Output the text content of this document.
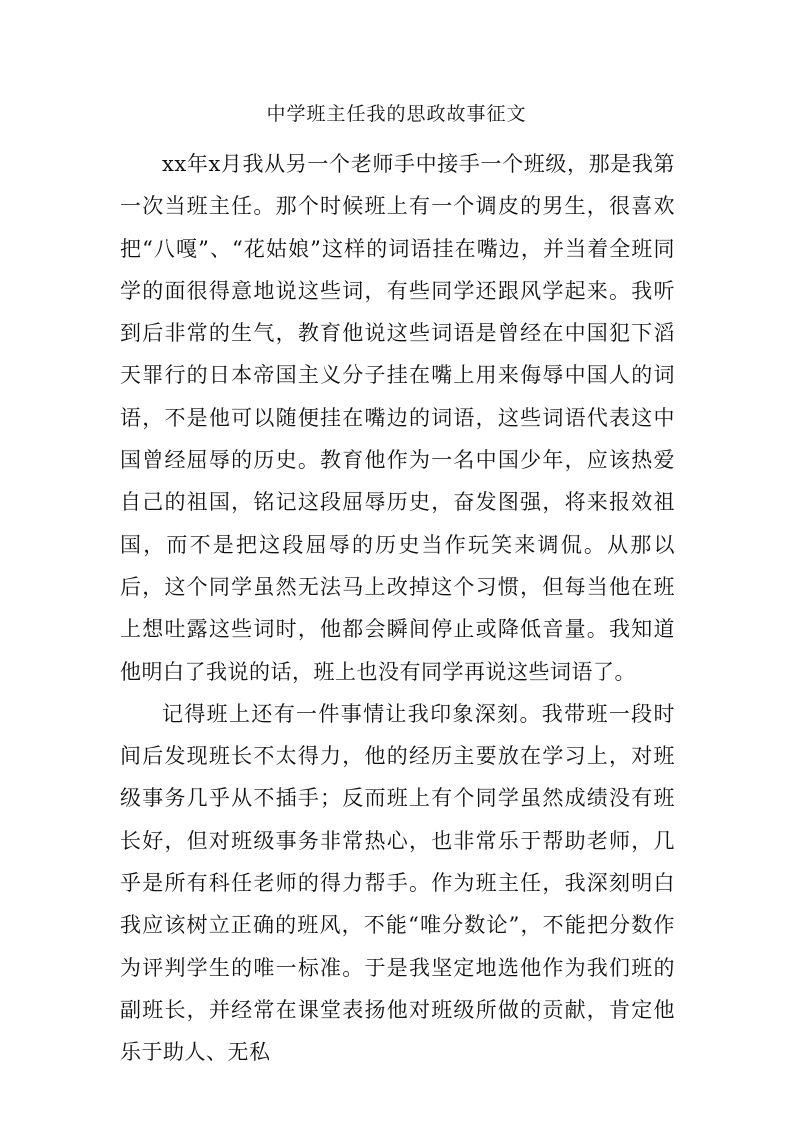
中学班主任我的思政故事征文

xx年x月我从另一个老师手中接手一个班级，那是我第一次当班主任。那个时候班上有一个调皮的男生，很喜欢把“八嘎”、“花姑娘”这样的词语挂在嘴边，并当着全班同学的面很得意地说这些词，有些同学还跟风学起来。我听到后非常的生气，教育他说这些词语是曾经在中国犯下滔天罪行的日本帝国主义分子挂在嘴上用来侮辱中国人的词语，不是他可以随便挂在嘴边的词语，这些词语代表这中国曾经屈辱的历史。教育他作为一名中国少年，应该热爱自己的祖国，铭记这段屈辱历史，奋发图强，将来报效祖国，而不是把这段屈辱的历史当作玩笑来调侃。从那以后，这个同学虽然无法马上改掉这个习惯，但每当他在班上想吐露这些词时，他都会瞬间停止或降低音量。我知道他明白了我说的话，班上也没有同学再说这些词语了。

记得班上还有一件事情让我印象深刻。我带班一段时间后发现班长不太得力，他的经历主要放在学习上，对班级事务几乎从不插手；反而班上有个同学虽然成绩没有班长好，但对班级事务非常热心，也非常乐于帮助老师，几乎是所有科任老师的得力帮手。作为班主任，我深刻明白我应该树立正确的班风，不能“唯分数论”，不能把分数作为评判学生的唯一标准。于是我坚定地选他作为我们班的副班长，并经常在课堂表扬他对班级所做的贡献，肯定他乐于助人、无私
